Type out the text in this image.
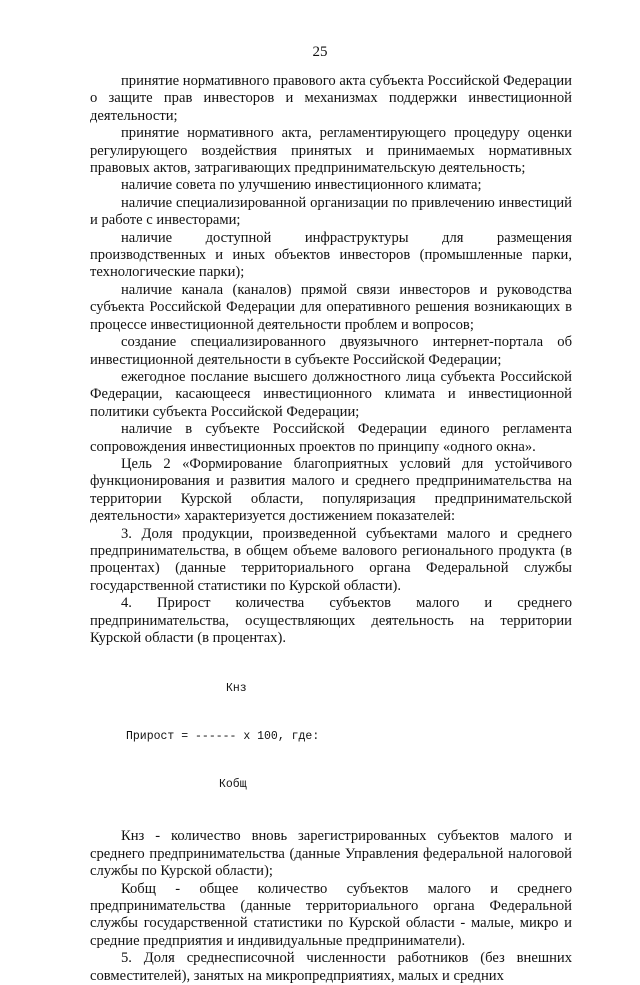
25

принятие нормативного правового акта субъекта Российской Федерации о защите прав инвесторов и механизмах поддержки инвестиционной деятельности;

принятие нормативного акта, регламентирующего процедуру оценки регулирующего воздействия принятых и принимаемых нормативных правовых актов, затрагивающих предпринимательскую деятельность;

наличие совета по улучшению инвестиционного климата;

наличие специализированной организации по привлечению инвестиций и работе с инвесторами;

наличие доступной инфраструктуры для размещения производственных и иных объектов инвесторов (промышленные парки, технологические парки);

наличие канала (каналов) прямой связи инвесторов и руководства субъекта Российской Федерации для оперативного решения возникающих в процессе инвестиционной деятельности проблем и вопросов;

создание специализированного двуязычного интернет-портала об инвестиционной деятельности в субъекте Российской Федерации;

ежегодное послание высшего должностного лица субъекта Российской Федерации, касающееся инвестиционного климата и инвестиционной политики субъекта Российской Федерации;

наличие в субъекте Российской Федерации единого регламента сопровождения инвестиционных проектов по принципу «одного окна».

Цель 2 «Формирование благоприятных условий для устойчивого функционирования и развития малого и среднего предпринимательства на территории Курской области, популяризация предпринимательской деятельности» характеризуется достижением показателей:

3. Доля продукции, произведенной субъектами малого и среднего предпринимательства, в общем объеме валового регионального продукта (в процентах) (данные территориального органа Федеральной службы государственной статистики по Курской области).

4. Прирост количества субъектов малого и среднего предпринимательства, осуществляющих деятельность на территории Курской области (в процентах).

Кнз

Прирост = ------ x 100, где:

Кобщ

Кнз - количество вновь зарегистрированных субъектов малого и среднего предпринимательства (данные Управления федеральной налоговой службы по Курской области);

Кобщ - общее количество субъектов малого и среднего предпринимательства (данные территориального органа Федеральной службы государственной статистики по Курской области - малые, микро и средние предприятия и индивидуальные предприниматели).

5. Доля среднесписочной численности работников (без внешних совместителей), занятых на микропредприятиях, малых и средних
